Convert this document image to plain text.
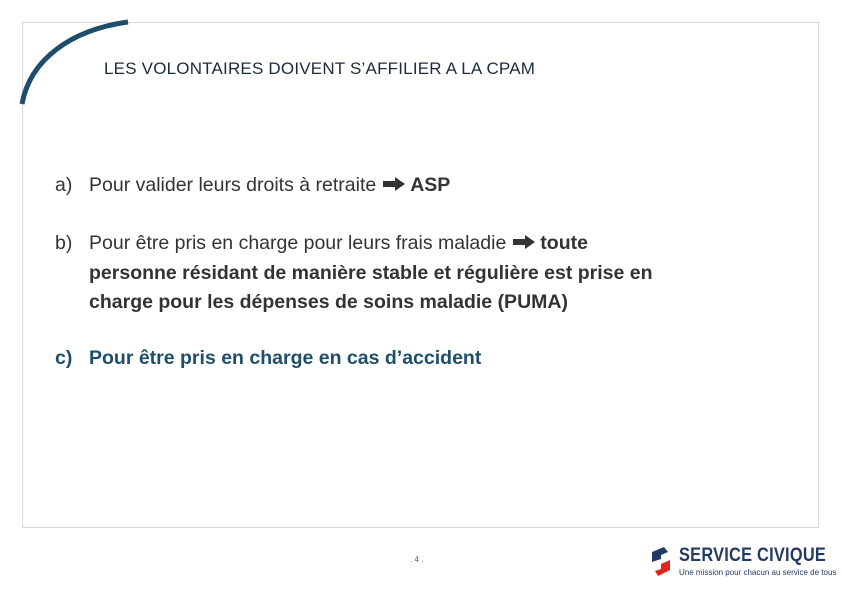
LES VOLONTAIRES DOIVENT S’AFFILIER A LA CPAM
a) Pour valider leurs droits à retraite ASP
b) Pour être pris en charge pour leurs frais maladie toute
personne résidant de manière stable et régulière est prise en
charge pour les dépenses de soins maladie (PUMA)
c) Pour être pris en charge en cas d’accident
. 4 .	SERVICE CIVIQUE
Une mission pour chacun au service de tous
